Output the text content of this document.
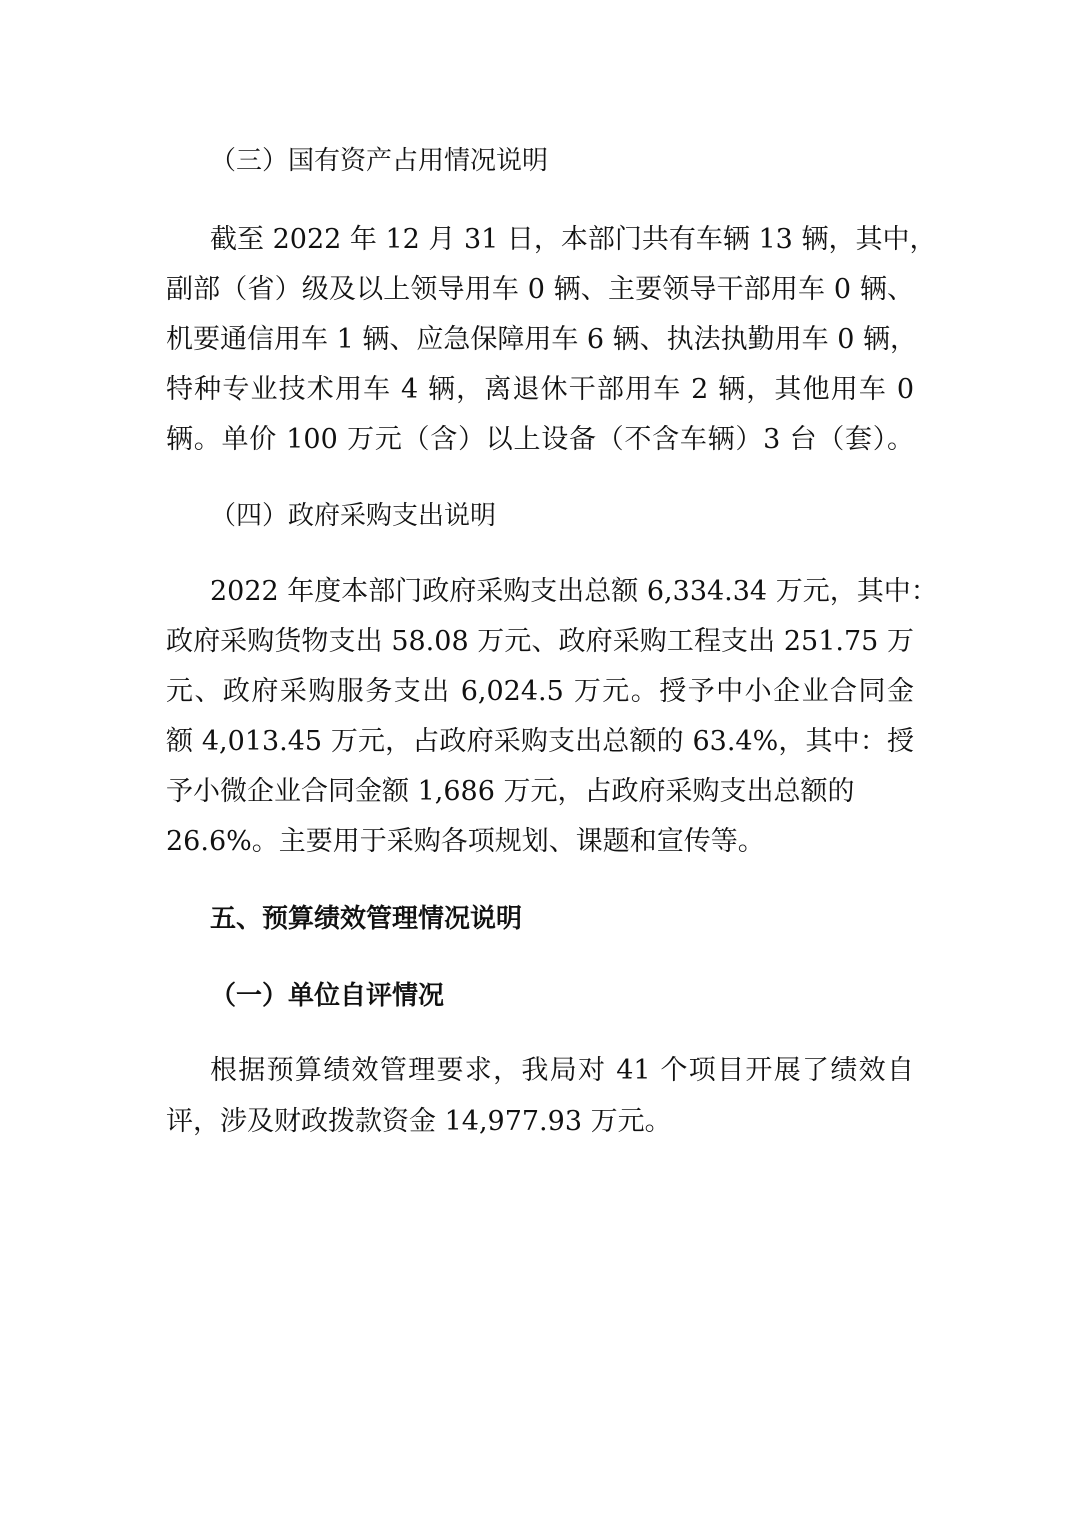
（三）国有资产占用情况说明
截至 2022 年 12 月 31 日，本部门共有车辆 13 辆，其中，
副部（省）级及以上领导用车 0 辆、主要领导干部用车 0 辆、
机要通信用车 1 辆、应急保障用车 6 辆、执法执勤用车 0 辆，
特种专业技术用车 4 辆，离退休干部用车 2 辆，其他用车 0
辆。单价 100 万元（含）以上设备（不含车辆）3 台（套）。
（四）政府采购支出说明
2022 年度本部门政府采购支出总额 6,334.34 万元，其中：
政府采购货物支出 58.08 万元、政府采购工程支出 251.75 万
元、政府采购服务支出 6,024.5 万元。授予中小企业合同金
额 4,013.45 万元，占政府采购支出总额的 63.4%，其中：授
予小微企业合同金额 1,686 万元，占政府采购支出总额的
26.6%。主要用于采购各项规划、课题和宣传等。
五、预算绩效管理情况说明
（一）单位自评情况
根据预算绩效管理要求，我局对 41 个项目开展了绩效自
评，涉及财政拨款资金 14,977.93 万元。
